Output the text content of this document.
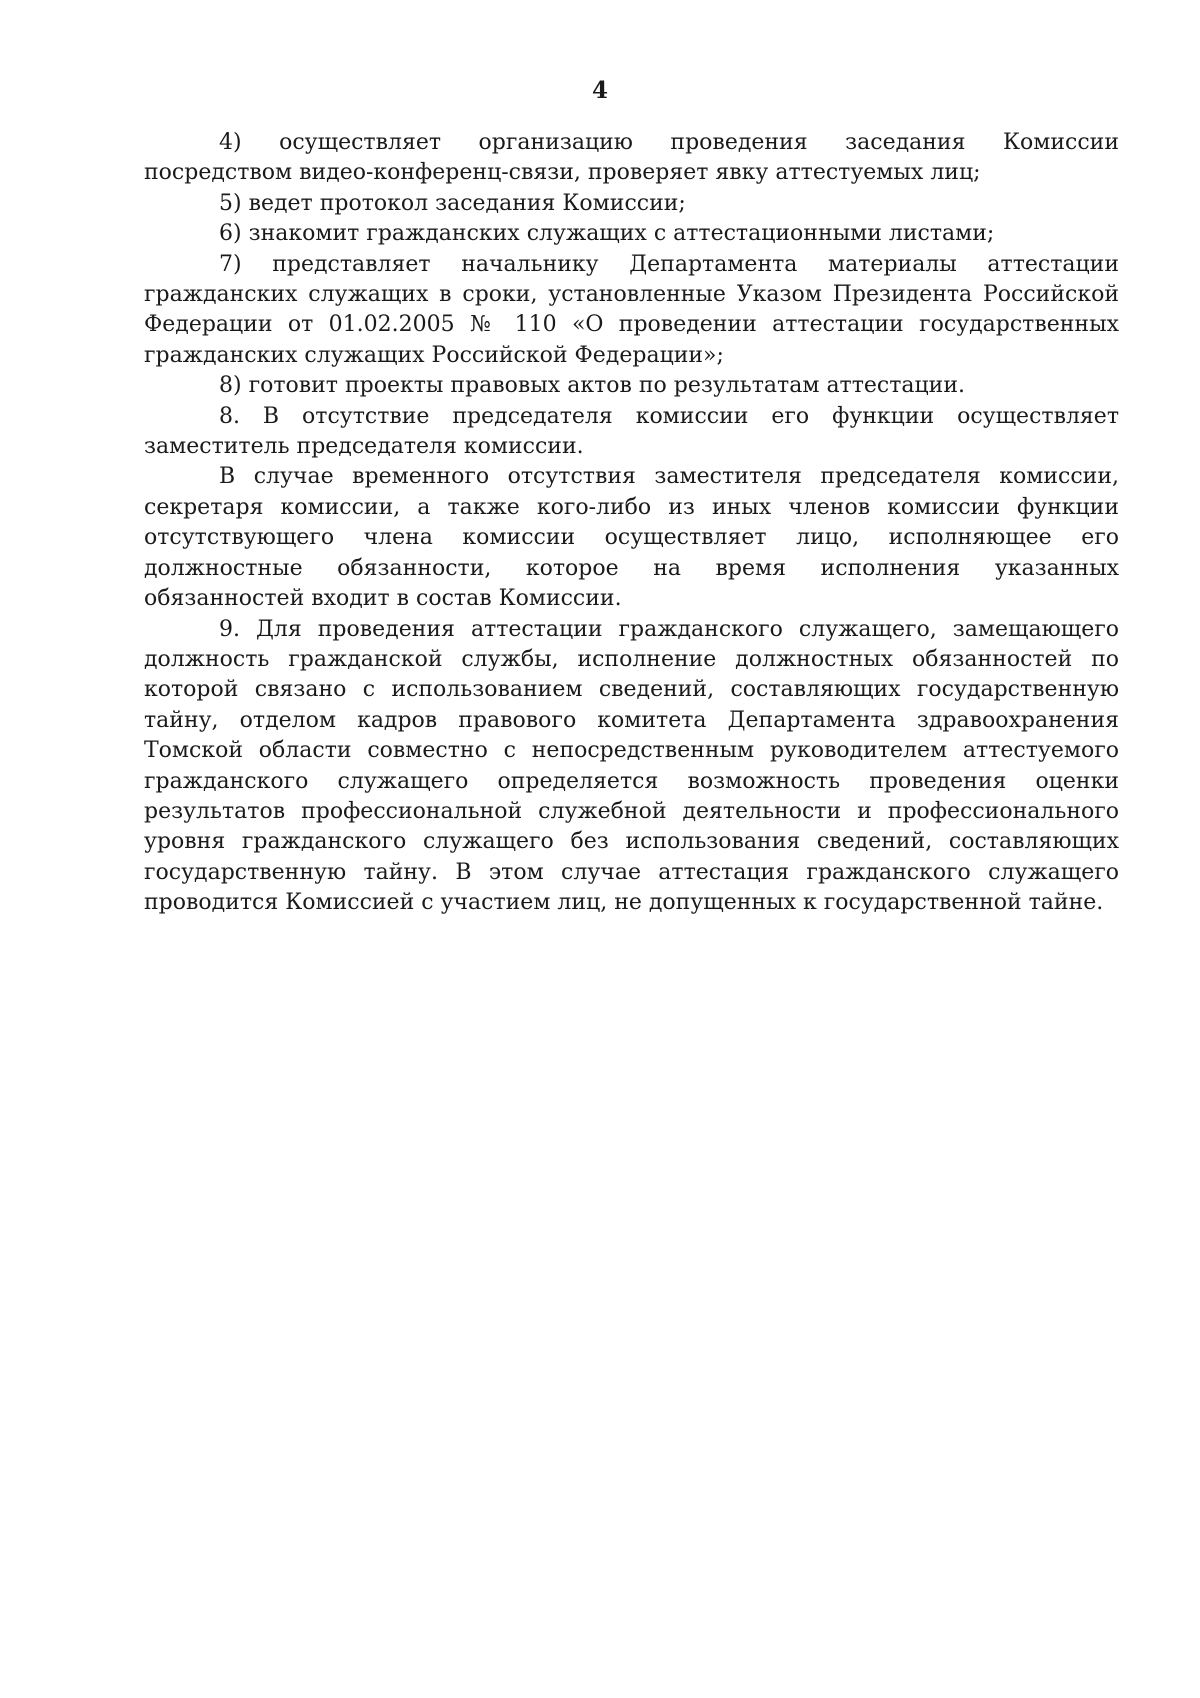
4

4) осуществляет организацию проведения заседания Комиссии посредством видео-конференц-связи, проверяет явку аттестуемых лиц;

5) ведет протокол заседания Комиссии;

6) знакомит гражданских служащих с аттестационными листами;

7) представляет начальнику Департамента материалы аттестации гражданских служащих в сроки, установленные Указом Президента Российской Федерации от 01.02.2005 № 110 «О проведении аттестации государственных гражданских служащих Российской Федерации»;

8) готовит проекты правовых актов по результатам аттестации.

8. В отсутствие председателя комиссии его функции осуществляет заместитель председателя комиссии.

В случае временного отсутствия заместителя председателя комиссии, секретаря комиссии, а также кого-либо из иных членов комиссии функции отсутствующего члена комиссии осуществляет лицо, исполняющее его должностные обязанности, которое на время исполнения указанных обязанностей входит в состав Комиссии.

9. Для проведения аттестации гражданского служащего, замещающего должность гражданской службы, исполнение должностных обязанностей по которой связано с использованием сведений, составляющих государственную тайну, отделом кадров правового комитета Департамента здравоохранения Томской области совместно с непосредственным руководителем аттестуемого гражданского служащего определяется возможность проведения оценки результатов профессиональной служебной деятельности и профессионального уровня гражданского служащего без использования сведений, составляющих государственную тайну. В этом случае аттестация гражданского служащего проводится Комиссией с участием лиц, не допущенных к государственной тайне.
